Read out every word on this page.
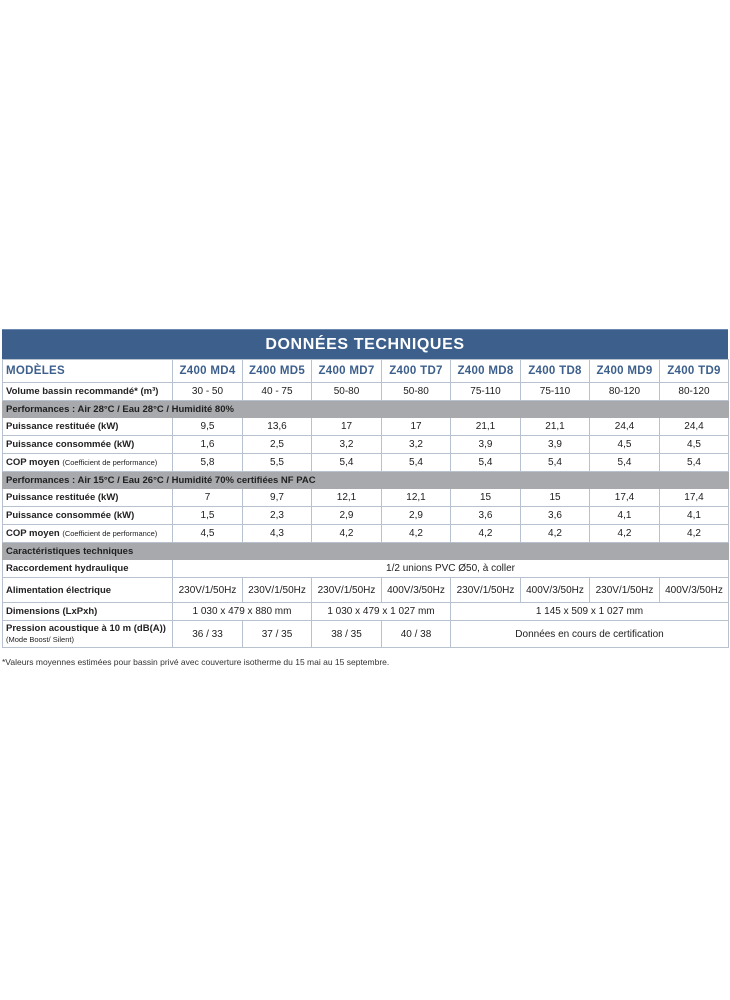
DONNÉES TECHNIQUES
MODÈLES	Z400 MD4	Z400 MD5	Z400 MD7	Z400 TD7	Z400 MD8	Z400 TD8	Z400 MD9	Z400 TD9
Volume bassin recommandé* (m³)	30 - 50	40 - 75	50-80	50-80	75-110	75-110	80-120	80-120
Performances : Air 28°C / Eau 28°C / Humidité 80%								
Puissance restituée (kW)	9,5	13,6	17	17	21,1	21,1	24,4	24,4
Puissance consommée (kW)	1,6	2,5	3,2	3,2	3,9	3,9	4,5	4,5
COP moyen (Coefficient de performance)	5,8	5,5	5,4	5,4	5,4	5,4	5,4	5,4
Performances : Air 15°C / Eau 26°C / Humidité 70% certifiées NF PAC								
Puissance restituée (kW)	7	9,7	12,1	12,1	15	15	17,4	17,4
Puissance consommée (kW)	1,5	2,3	2,9	2,9	3,6	3,6	4,1	4,1
COP moyen (Coefficient de performance)	4,5	4,3	4,2	4,2	4,2	4,2	4,2	4,2
Caractéristiques techniques								
Raccordement hydraulique	1/2 unions PVC Ø50, à coller							
Alimentation électrique	230V/1/50Hz	230V/1/50Hz	230V/1/50Hz	400V/3/50Hz	230V/1/50Hz	400V/3/50Hz	230V/1/50Hz	400V/3/50Hz
Dimensions (LxPxh)	1 030 x 479 x 880 mm		1 030 x 479 x 1 027 mm		1 145 x 509 x 1 027 mm			
Pression acoustique à 10 m (dB(A))
(Mode Boost/ Silent)	36 / 33	37 / 35	38 / 35	40 / 38	Données en cours de certification			
*Valeurs moyennes estimées pour bassin privé avec couverture isotherme du 15 mai au 15 septembre.
